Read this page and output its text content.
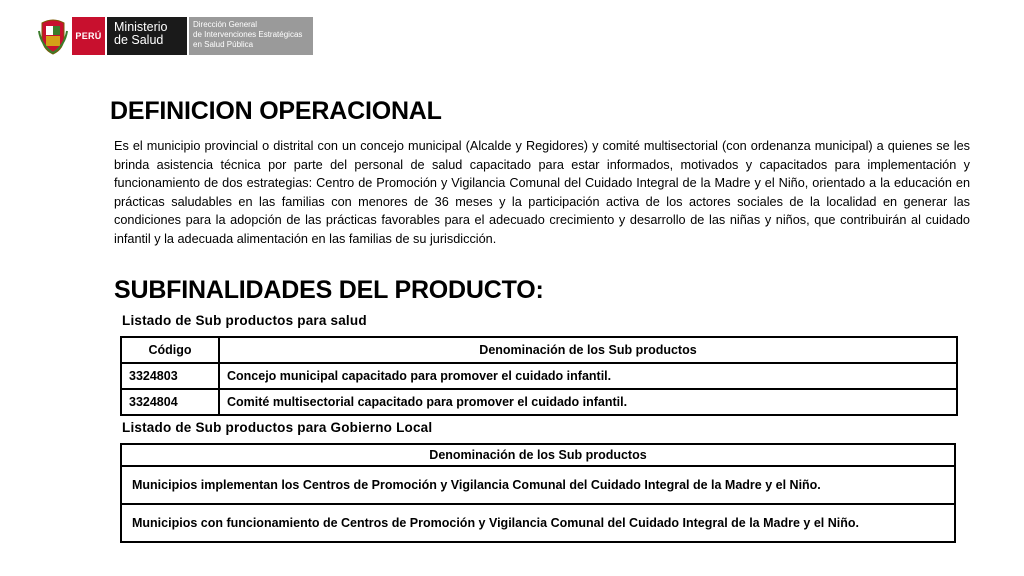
PERÚ
Ministerio
de Salud
Dirección General
de Intervenciones Estratégicas
en Salud Pública
DEFINICION OPERACIONAL

Es el municipio provincial o distrital con un concejo municipal (Alcalde y Regidores) y comité multisectorial (con ordenanza municipal) a quienes se les brinda asistencia técnica por parte del personal de salud capacitado para estar informados, motivados y capacitados para implementación y funcionamiento de dos estrategias: Centro de Promoción y Vigilancia Comunal del Cuidado Integral de la Madre y el Niño, orientado a la educación en prácticas saludables en las familias con menores de 36 meses y la participación activa de los actores sociales de la localidad en generar las condiciones para la adopción de las prácticas favorables para el adecuado crecimiento y desarrollo de las niñas y niños, que contribuirán al cuidado infantil y la adecuada alimentación en las familias de su jurisdicción.

SUBFINALIDADES DEL PRODUCTO:
Listado de Sub productos para salud
Código	Denominación de los Sub productos
3324803	Concejo municipal capacitado para promover el cuidado infantil.
3324804	Comité multisectorial capacitado para promover el cuidado infantil.
Listado de Sub productos para Gobierno Local
Denominación de los Sub productos
Municipios implementan los Centros de Promoción y Vigilancia Comunal del Cuidado Integral de la Madre y el Niño.
Municipios con funcionamiento de Centros de Promoción y Vigilancia Comunal del Cuidado Integral de la Madre y el Niño.
